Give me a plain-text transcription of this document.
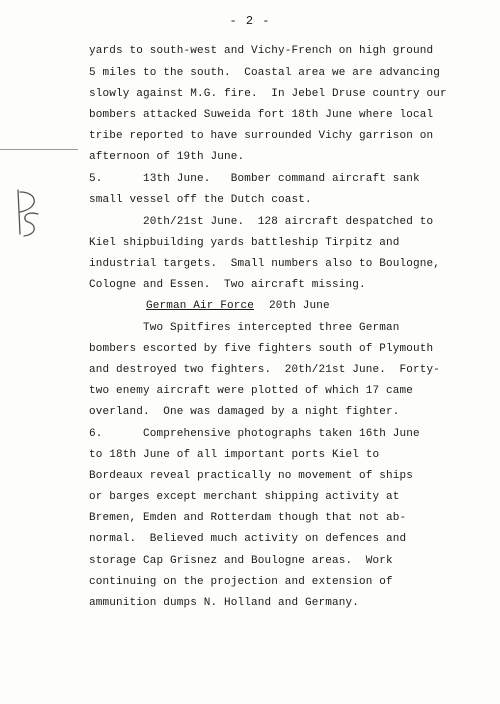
- 2 -
yards to south-west and Vichy-French on high ground
5 miles to the south.  Coastal area we are advancing
slowly against M.G. fire.  In Jebel Druse country our
bombers attacked Suweida fort 18th June where local
tribe reported to have surrounded Vichy garrison on
afternoon of 19th June.
5.      13th June.   Bomber command aircraft sank
small vessel off the Dutch coast.
20th/21st June.  128 aircraft despatched to
Kiel shipbuilding yards battleship Tirpitz and
industrial targets.  Small numbers also to Boulogne,
Cologne and Essen.  Two aircraft missing.
German Air Force 20th June
Two Spitfires intercepted three German
bombers escorted by five fighters south of Plymouth
and destroyed two fighters.  20th/21st June.  Forty-
two enemy aircraft were plotted of which 17 came
overland.  One was damaged by a night fighter.
6.      Comprehensive photographs taken 16th June
to 18th June of all important ports Kiel to
Bordeaux reveal practically no movement of ships
or barges except merchant shipping activity at
Bremen, Emden and Rotterdam though that not ab-
normal.  Believed much activity on defences and
storage Cap Grisnez and Boulogne areas.  Work
continuing on the projection and extension of
ammunition dumps N. Holland and Germany.
